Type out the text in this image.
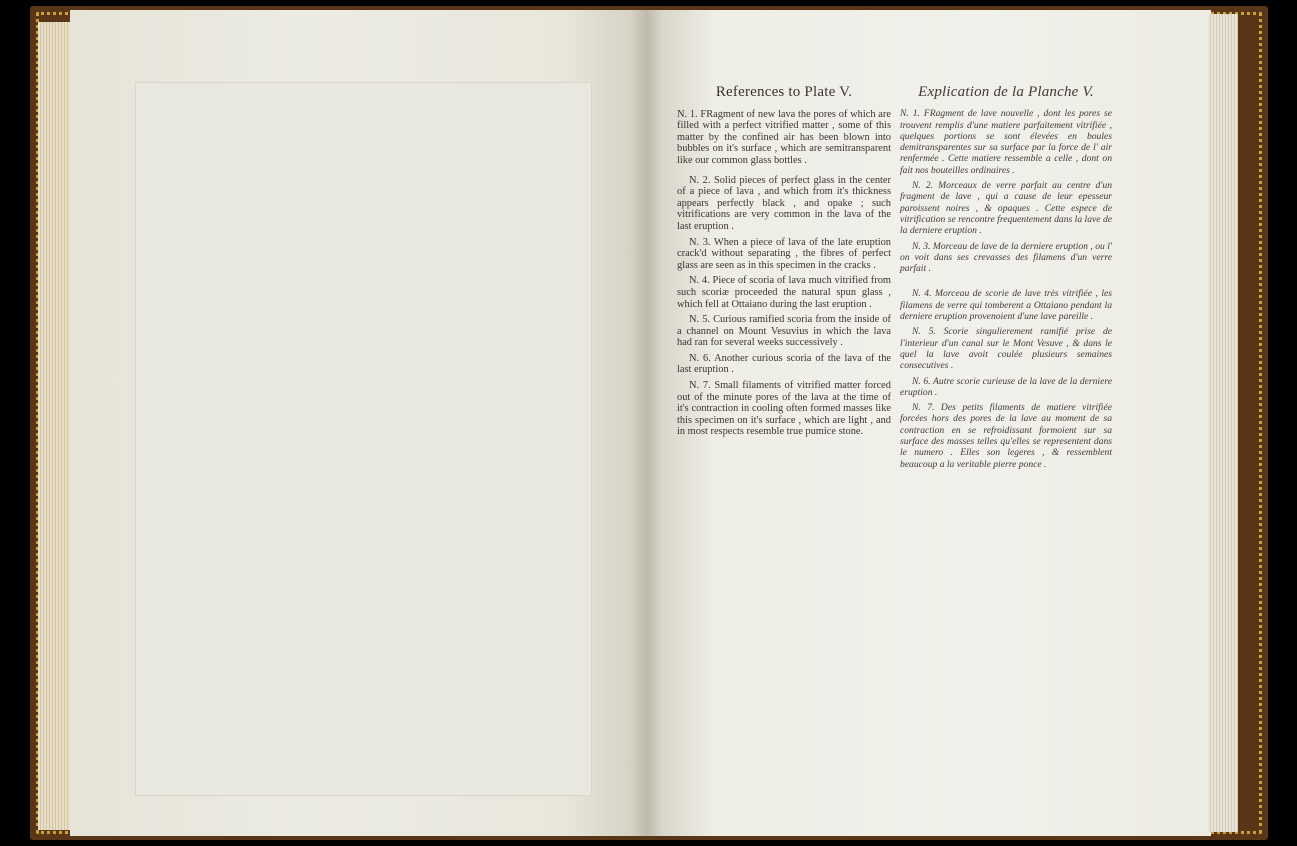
References to Plate V.

N. 1. FRagment of new lava the pores of which are filled with a perfect vitrified matter , some of this matter by the confined air has been blown into bubbles on it's surface , which are semitransparent like our common glass bottles .

N. 2. Solid pieces of perfect glass in the center of a piece of lava , and which from it's thickness appears perfectly black , and opake ; such vitrifications are very common in the lava of the last eruption .

N. 3. When a piece of lava of the late eruption crack'd without separating , the fibres of perfect glass are seen as in this specimen in the cracks .

N. 4. Piece of scoria of lava much vitrified from such scoriæ proceeded the natural spun glass , which fell at Ottaiano during the last eruption .

N. 5. Curious ramified scoria from the inside of a channel on Mount Vesuvius in which the lava had ran for several weeks successively .

N. 6. Another curious scoria of the lava of the last eruption .

N. 7. Small filaments of vitrified matter forced out of the minute pores of the lava at the time of it's contraction in cooling often formed masses like this specimen on it's surface , which are light , and in most respects resemble true pumice stone.

Explication de la Planche V.

N. 1. FRagment de lave nouvelle , dont les pores se trouvent remplis d'une matiere parfaitement vitrifiée , quelques portions se sont élevées en boules demitransparentes sur sa surface par la force de l' air renfermée . Cette matiere ressemble a celle , dont on fait nos bouteilles ordinaires .

N. 2. Morceaux de verre parfait au centre d'un fragment de lave , qui a cause de leur epesseur paroissent noires , & opaques . Cette espece de vitrification se rencontre frequentement dans la lave de la derniere eruption .

N. 3. Morceau de lave de la derniere eruption , ou l' on voit dans ses crevasses des filamens d'un verre parfait .

N. 4. Morceau de scorie de lave très vitrifiée , les filamens de verre qui tomberent a Ottaiano pendant la derniere eruption provenoient d'une lave pareille .

N. 5. Scorie singulierement ramifié prise de l'interieur d'un canal sur le Mont Vesuve , & dans le quel la lave avoit coulée plusieurs semaines consecutives .

N. 6. Autre scorie curieuse de la lave de la derniere eruption .

N. 7. Des petits filaments de matiere vitrifiée forcées hors des pores de la lave au moment de sa contraction en se refroidissant formoient sur sa surface des masses telles qu'elles se representent dans le numero . Elles son legeres , & ressemblent beaucoup a la veritable pierre ponce .
